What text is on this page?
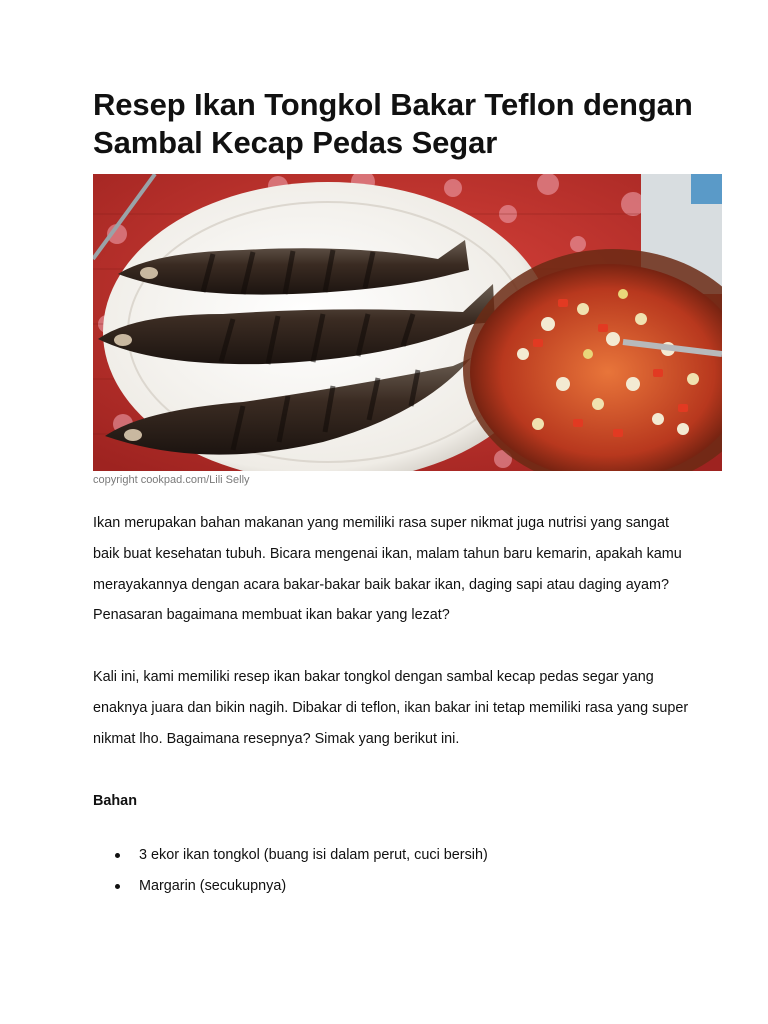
Resep Ikan Tongkol Bakar Teflon dengan Sambal Kecap Pedas Segar
copyright cookpad.com/Lili Selly

Ikan merupakan bahan makanan yang memiliki rasa super nikmat juga nutrisi yang sangat baik buat kesehatan tubuh. Bicara mengenai ikan, malam tahun baru kemarin, apakah kamu merayakannya dengan acara bakar-bakar baik bakar ikan, daging sapi atau daging ayam? Penasaran bagaimana membuat ikan bakar yang lezat?

Kali ini, kami memiliki resep ikan bakar tongkol dengan sambal kecap pedas segar yang enaknya juara dan bikin nagih. Dibakar di teflon, ikan bakar ini tetap memiliki rasa yang super nikmat lho. Bagaimana resepnya? Simak yang berikut ini.

Bahan
3 ekor ikan tongkol (buang isi dalam perut, cuci bersih)
Margarin (secukupnya)
